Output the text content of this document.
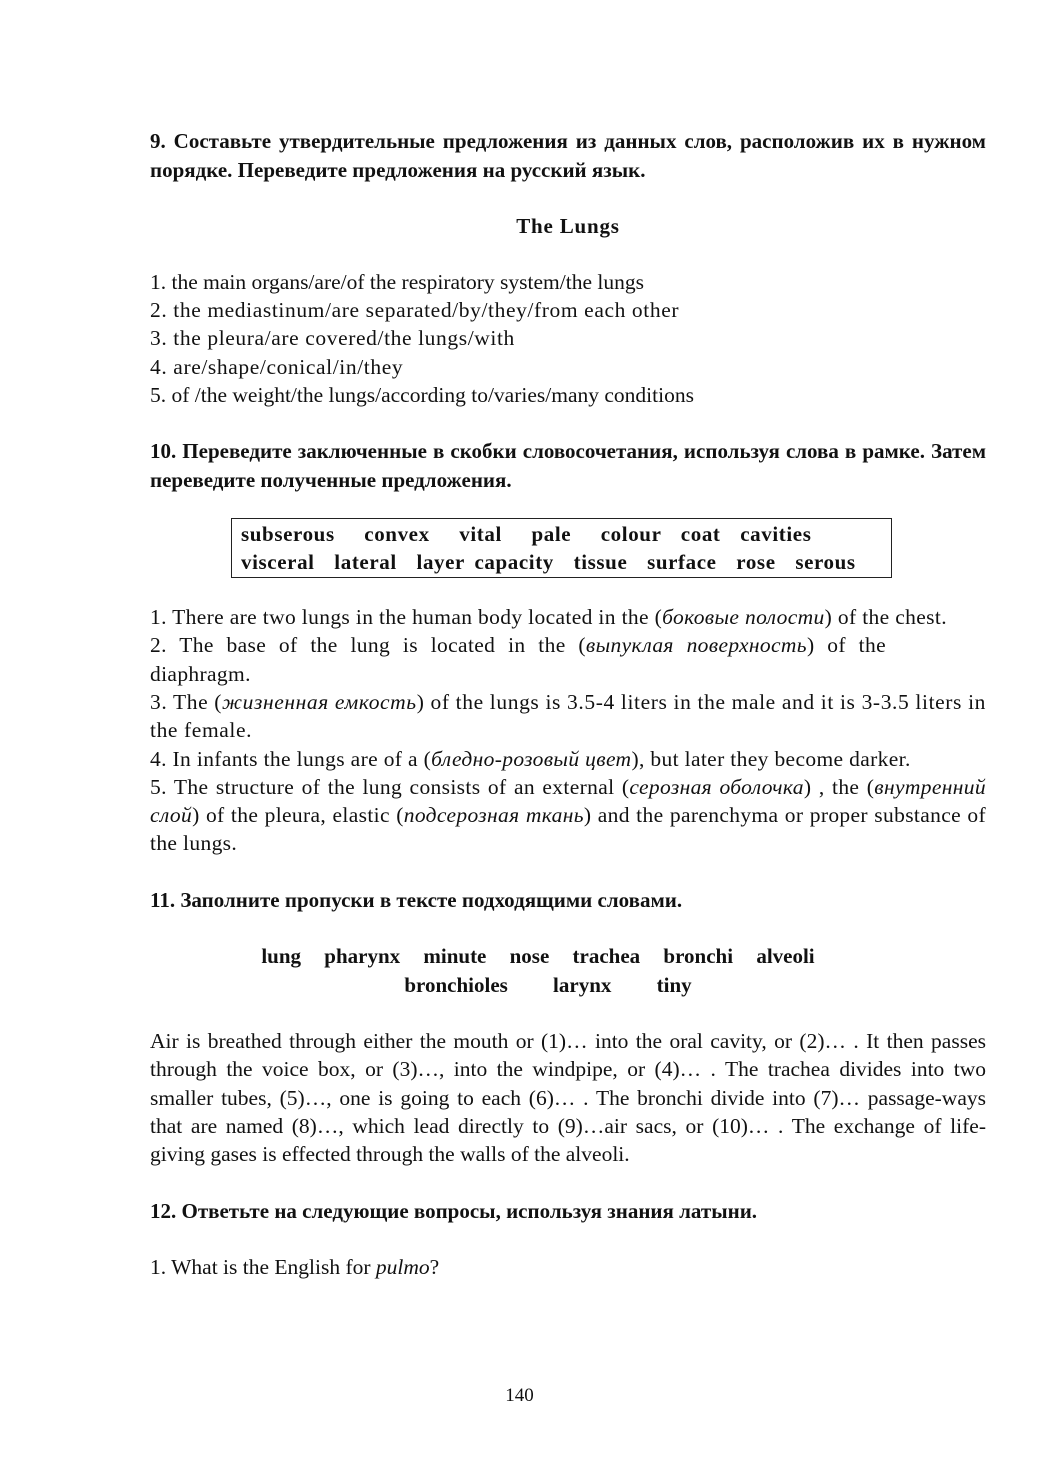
9. Составьте утвердительные предложения из данных слов, расположив их в нужном порядке. Переведите предложения на русский язык.

The Lungs

1. the main organs/are/of the respiratory system/the lungs

2. the mediastinum/are separated/by/they/from each other

3. the pleura/are covered/the lungs/with

4. are/shape/conical/in/they

5. of /the weight/the lungs/according to/varies/many conditions

10. Переведите заключенные в скобки словосочетания, используя слова в рамке. Затем переведите полученные предложения.

subserous   convex   vital   pale   colour  coat  cavities
visceral  lateral  layer capacity  tissue  surface  rose  serous
1. There are two lungs in the human body located in the (боковые полости) of the chest.
2. The base of the lung is located in the (выпуклая поверхность) of the diaphragm.
3. The (жизненная емкость) of the lungs is 3.5-4 liters in the male and it is 3-3.5 liters in the female.
4. In infants the lungs are of a (бледно-розовый цвет), but later they become darker.
5. The structure of the lung consists of an external (серозная оболочка) , the (внутренний слой) of the pleura, elastic (подсерозная ткань) and the parenchyma or proper substance of the lungs.

11. Заполните пропуски в тексте подходящими словами.

lung pharynx minute nose trachea bronchi alveoli
bronchioles larynx tiny

Air is breathed through either the mouth or (1)… into the oral cavity, or (2)… . It then passes through the voice box, or (3)…, into the windpipe, or (4)… . The trachea divides into two smaller tubes, (5)…, one is going to each (6)… . The bronchi divide into (7)… passage-ways that are named (8)…, which lead directly to (9)…air sacs, or (10)… . The exchange of life-giving gases is effected through the walls of the alveoli.

12. Ответьте на следующие вопросы, используя знания латыни.

1. What is the English for pulmo?
140
